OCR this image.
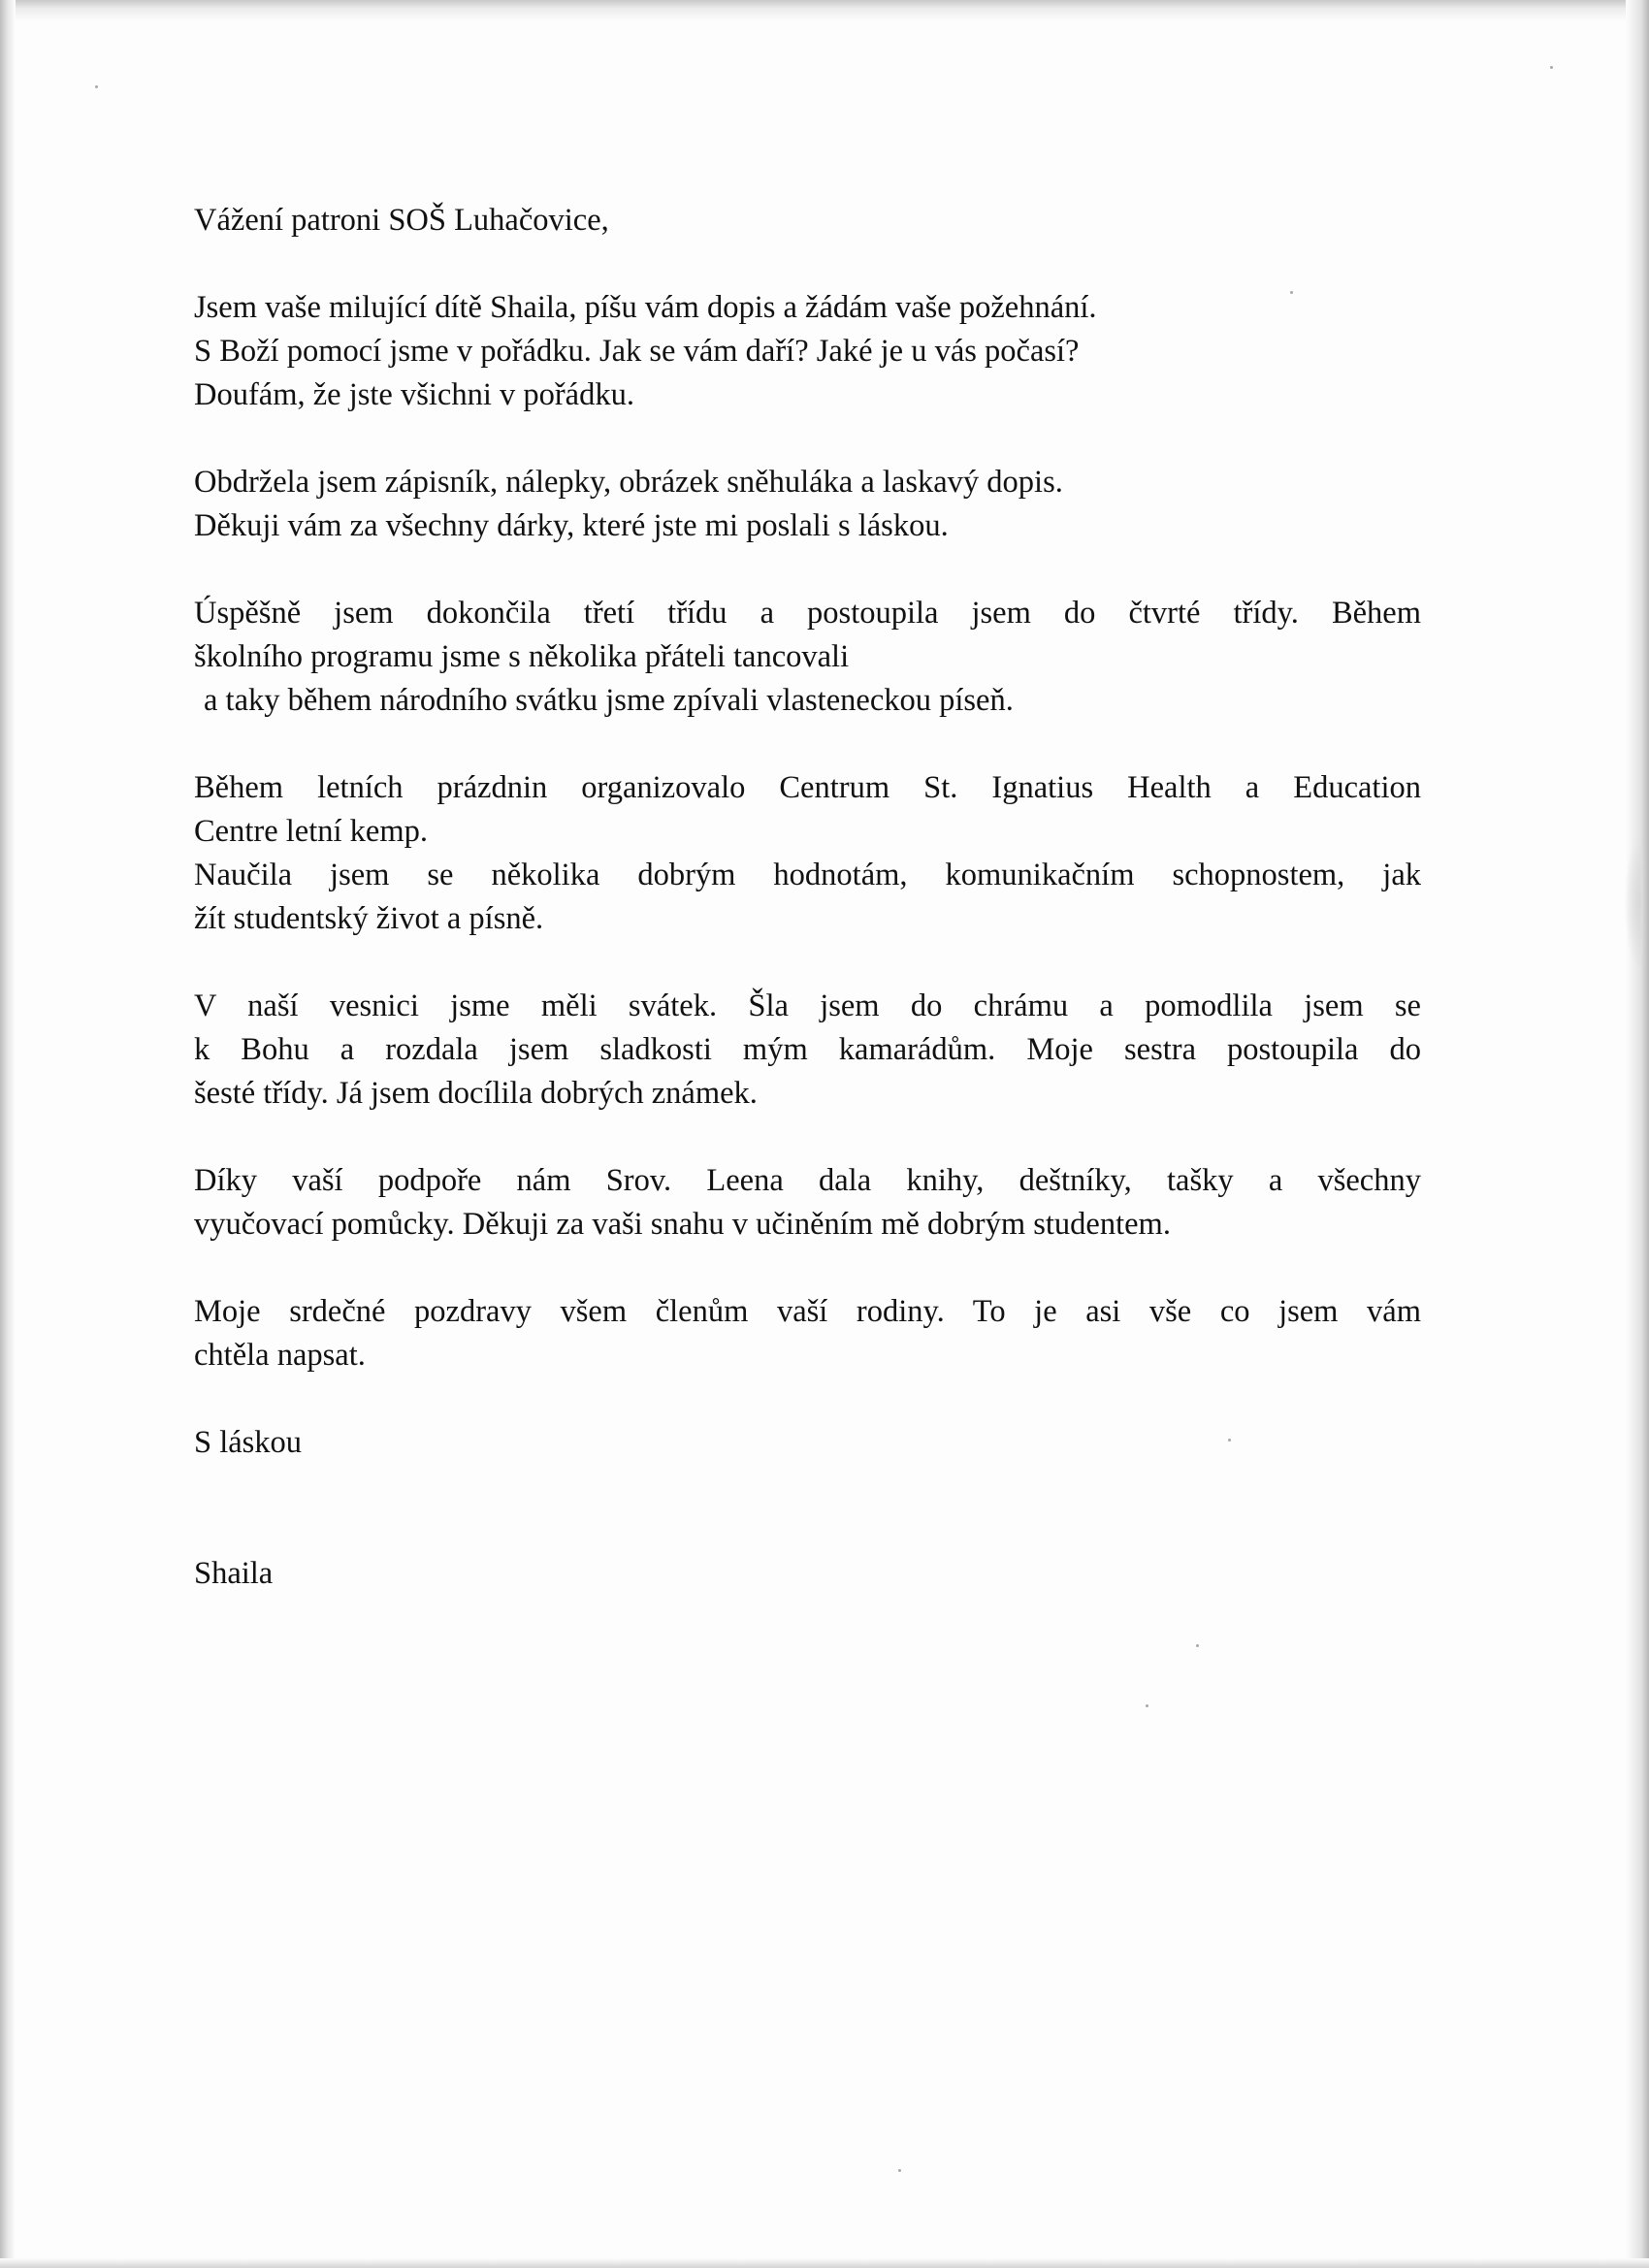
Vážení patroni SOŠ Luhačovice,
Jsem vaše milující dítě Shaila, píšu vám dopis a žádám vaše požehnání.
S Boží pomocí jsme v pořádku. Jak se vám daří? Jaké je u vás počasí?
Doufám, že jste všichni v pořádku.
Obdržela jsem zápisník, nálepky, obrázek sněhuláka a laskavý dopis.
Děkuji vám za všechny dárky, které jste mi poslali s láskou.
Úspěšně jsem dokončila třetí třídu a postoupila jsem do čtvrté třídy. Během
školního programu jsme s několika přáteli tancovali
a taky během národního svátku jsme zpívali vlasteneckou píseň.
Během letních prázdnin organizovalo Centrum St. Ignatius Health a Education
Centre letní kemp.
Naučila jsem se několika dobrým hodnotám, komunikačním schopnostem, jak
žít studentský život a písně.
V naší vesnici jsme měli svátek. Šla jsem do chrámu a pomodlila jsem se
k Bohu a rozdala jsem sladkosti mým kamarádům. Moje sestra postoupila do
šesté třídy. Já jsem docílila dobrých známek.
Díky vaší podpoře nám Srov. Leena dala knihy, deštníky, tašky a všechny
vyučovací pomůcky. Děkuji za vaši snahu v učiněním mě dobrým studentem.
Moje srdečné pozdravy všem členům vaší rodiny. To je asi vše co jsem vám
chtěla napsat.
S láskou
Shaila
